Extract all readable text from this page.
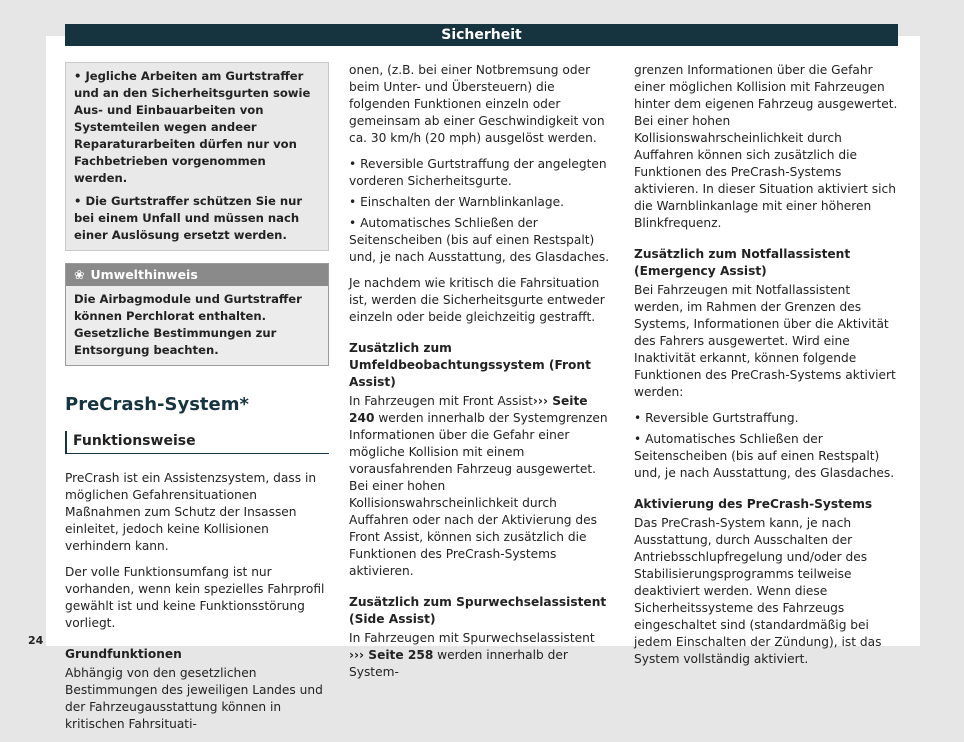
Sicherheit
• Jegliche Arbeiten am Gurtstraffer und an den Sicherheitsgurten sowie Aus- und Einbauarbeiten von Systemteilen wegen andeer Reparaturarbeiten dürfen nur von Fachbetrieben vorgenommen werden.
• Die Gurtstraffer schützen Sie nur bei einem Unfall und müssen nach einer Auslösung ersetzt werden.
❀ Umwelthinweis
Die Airbagmodule und Gurtstraffer können Perchlorat enthalten. Gesetzliche Bestimmungen zur Entsorgung beachten.
PreCrash-System*
Funktionsweise

PreCrash ist ein Assistenzsystem, dass in möglichen Gefahrensituationen Maßnahmen zum Schutz der Insassen einleitet, jedoch keine Kollisionen verhindern kann.

Der volle Funktionsumfang ist nur vorhanden, wenn kein spezielles Fahrprofil gewählt ist und keine Funktionsstörung vorliegt.

Grundfunktionen

Abhängig von den gesetzlichen Bestimmungen des jeweiligen Landes und der Fahrzeugausstattung können in kritischen Fahrsituati-

onen, (z.B. bei einer Notbremsung oder beim Unter- und Übersteuern) die folgenden Funktionen einzeln oder gemeinsam ab einer Geschwindigkeit von ca. 30 km/h (20 mph) ausgelöst werden.

• Reversible Gurtstraffung der angelegten vorderen Sicherheitsgurte.
• Einschalten der Warnblinkanlage.
• Automatisches Schließen der Seitenscheiben (bis auf einen Restspalt) und, je nach Ausstattung, des Glasdaches.

Je nachdem wie kritisch die Fahrsituation ist, werden die Sicherheitsgurte entweder einzeln oder beide gleichzeitig gestrafft.

Zusätzlich zum Umfeldbeobachtungssystem (Front Assist)

In Fahrzeugen mit Front Assist››› Seite 240 werden innerhalb der Systemgrenzen Informationen über die Gefahr einer mögliche Kollision mit einem vorausfahrenden Fahrzeug ausgewertet. Bei einer hohen Kollisionswahrscheinlichkeit durch Auffahren oder nach der Aktivierung des Front Assist, können sich zusätzlich die Funktionen des PreCrash-Systems aktivieren.

Zusätzlich zum Spurwechselassistent (Side Assist)

In Fahrzeugen mit Spurwechselassistent ››› Seite 258 werden innerhalb der System-

grenzen Informationen über die Gefahr einer möglichen Kollision mit Fahrzeugen hinter dem eigenen Fahrzeug ausgewertet. Bei einer hohen Kollisionswahrscheinlichkeit durch Auffahren können sich zusätzlich die Funktionen des PreCrash-Systems aktivieren. In dieser Situation aktiviert sich die Warnblinkanlage mit einer höheren Blinkfrequenz.

Zusätzlich zum Notfallassistent (Emergency Assist)

Bei Fahrzeugen mit Notfallassistent werden, im Rahmen der Grenzen des Systems, Informationen über die Aktivität des Fahrers ausgewertet. Wird eine Inaktivität erkannt, können folgende Funktionen des PreCrash-Systems aktiviert werden:

• Reversible Gurtstraffung.
• Automatisches Schließen der Seitenscheiben (bis auf einen Restspalt) und, je nach Ausstattung, des Glasdaches.
Aktivierung des PreCrash-Systems

Das PreCrash-System kann, je nach Ausstattung, durch Ausschalten der Antriebsschlupfregelung und/oder des Stabilisierungsprogramms teilweise deaktiviert werden. Wenn diese Sicherheitssysteme des Fahrzeugs eingeschaltet sind (standardmäßig bei jedem Einschalten der Zündung), ist das System vollständig aktiviert.

24
